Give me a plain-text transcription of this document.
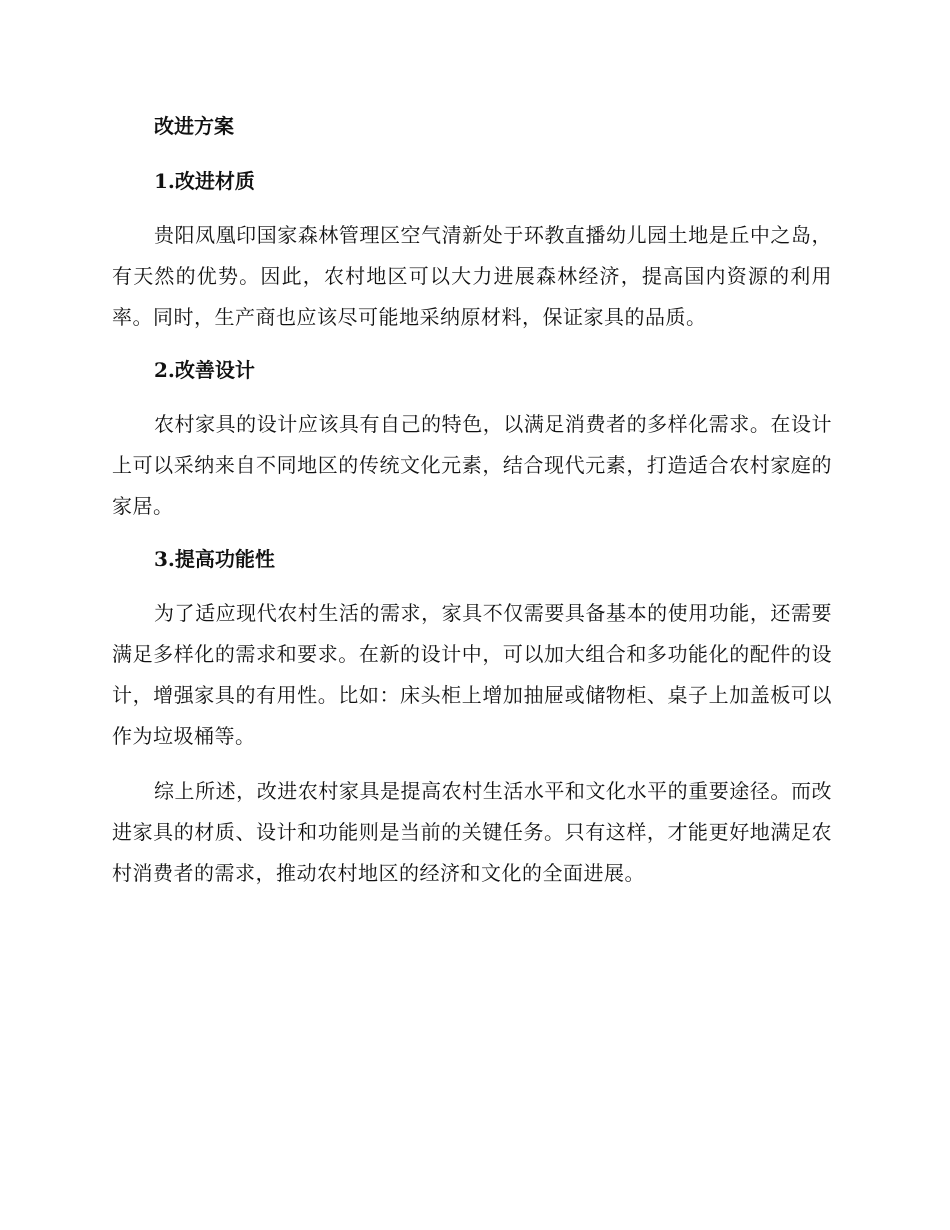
改进方案
1.改进材质

贵阳凤凰印国家森林管理区空气清新处于环教直播幼儿园土地是丘中之岛，有天然的优势。因此，农村地区可以大力进展森林经济，提高国内资源的利用率。同时，生产商也应该尽可能地采纳原材料，保证家具的品质。

2.改善设计

农村家具的设计应该具有自己的特色，以满足消费者的多样化需求。在设计上可以采纳来自不同地区的传统文化元素，结合现代元素，打造适合农村家庭的家居。

3.提高功能性

为了适应现代农村生活的需求，家具不仅需要具备基本的使用功能，还需要满足多样化的需求和要求。在新的设计中，可以加大组合和多功能化的配件的设计，增强家具的有用性。比如：床头柜上增加抽屉或储物柜、桌子上加盖板可以作为垃圾桶等。

综上所述，改进农村家具是提高农村生活水平和文化水平的重要途径。而改进家具的材质、设计和功能则是当前的关键任务。只有这样，才能更好地满足农村消费者的需求，推动农村地区的经济和文化的全面进展。
